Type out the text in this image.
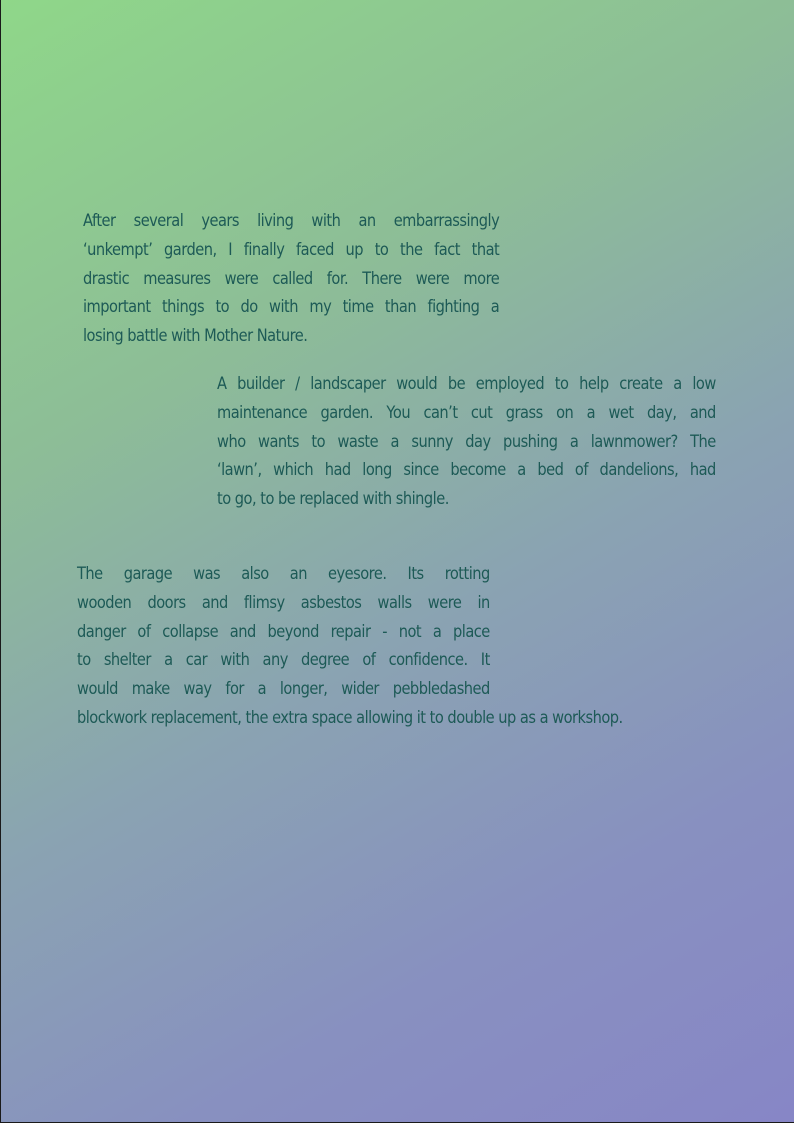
After several years living with an embarrassingly
‘unkempt’ garden, I finally faced up to the fact that
drastic measures were called for. There were more
important things to do with my time than fighting a
losing battle with Mother Nature.

A builder / landscaper would be employed to help create a low
maintenance garden. You can’t cut grass on a wet day, and
who wants to waste a sunny day pushing a lawnmower? The
‘lawn’, which had long since become a bed of dandelions, had
to go, to be replaced with shingle.

The garage was also an eyesore. Its rotting
wooden doors and flimsy asbestos walls were in
danger of collapse and beyond repair - not a place
to shelter a car with any degree of confidence. It
would make way for a longer, wider pebbledashed
blockwork replacement, the extra space allowing it to double up as a workshop.
